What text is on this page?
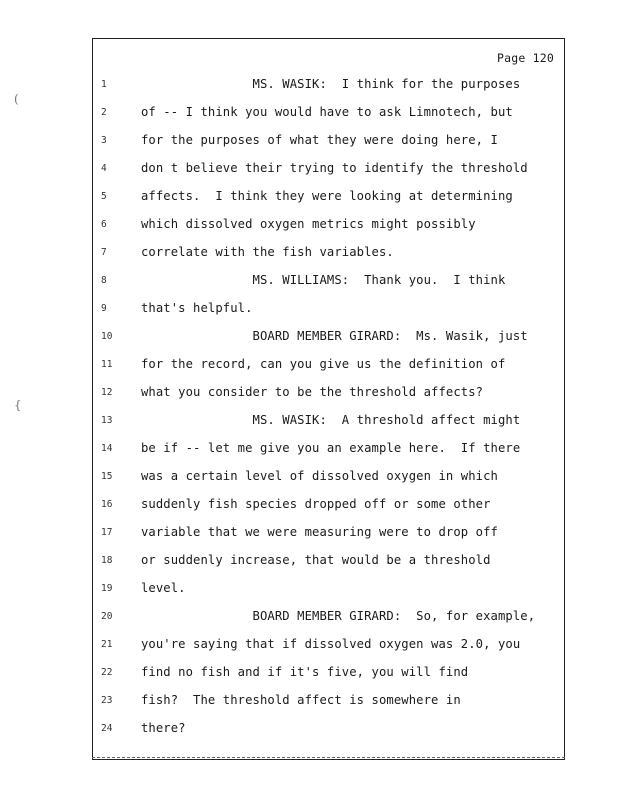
Page 120
1	MS. WASIK:  I think for the purposes
2	of -- I think you would have to ask Limnotech, but
3	for the purposes of what they were doing here, I
4	don t believe their trying to identify the threshold
5	affects.  I think they were looking at determining
6	which dissolved oxygen metrics might possibly
7	correlate with the fish variables.
8	MS. WILLIAMS:  Thank you.  I think
9	that's helpful.
10	BOARD MEMBER GIRARD:  Ms. Wasik, just
11	for the record, can you give us the definition of
12	what you consider to be the threshold affects?
13	MS. WASIK:  A threshold affect might
14	be if -- let me give you an example here.  If there
15	was a certain level of dissolved oxygen in which
16	suddenly fish species dropped off or some other
17	variable that we were measuring were to drop off
18	or suddenly increase, that would be a threshold
19	level.
20	BOARD MEMBER GIRARD:  So, for example,
21	you're saying that if dissolved oxygen was 2.0, you
22	find no fish and if it's five, you will find
23	fish?  The threshold affect is somewhere in
24	there?
(
{
